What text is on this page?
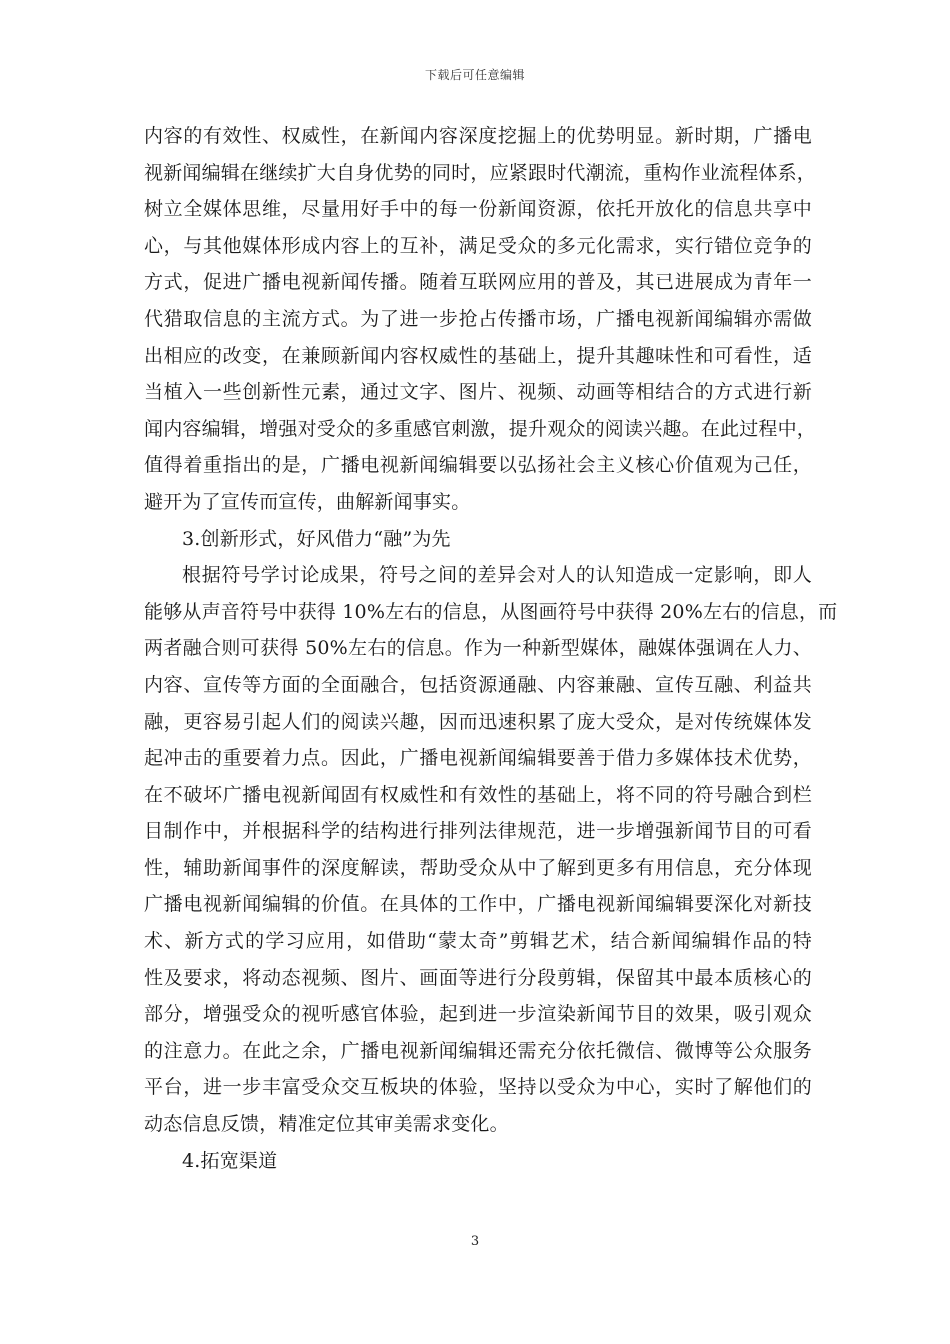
下载后可任意编辑
内容的有效性、权威性，在新闻内容深度挖掘上的优势明显。新时期，广播电
视新闻编辑在继续扩大自身优势的同时，应紧跟时代潮流，重构作业流程体系，
树立全媒体思维，尽量用好手中的每一份新闻资源，依托开放化的信息共享中
心，与其他媒体形成内容上的互补，满足受众的多元化需求，实行错位竞争的
方式，促进广播电视新闻传播。随着互联网应用的普及，其已进展成为青年一
代猎取信息的主流方式。为了进一步抢占传播市场，广播电视新闻编辑亦需做
出相应的改变，在兼顾新闻内容权威性的基础上，提升其趣味性和可看性，适
当植入一些创新性元素，通过文字、图片、视频、动画等相结合的方式进行新
闻内容编辑，增强对受众的多重感官刺激，提升观众的阅读兴趣。在此过程中，
值得着重指出的是，广播电视新闻编辑要以弘扬社会主义核心价值观为己任，
避开为了宣传而宣传，曲解新闻事实。
3.创新形式，好风借力“融”为先
根据符号学讨论成果，符号之间的差异会对人的认知造成一定影响，即人
能够从声音符号中获得 10%左右的信息，从图画符号中获得 20%左右的信息，而
两者融合则可获得 50%左右的信息。作为一种新型媒体，融媒体强调在人力、
内容、宣传等方面的全面融合，包括资源通融、内容兼融、宣传互融、利益共
融，更容易引起人们的阅读兴趣，因而迅速积累了庞大受众，是对传统媒体发
起冲击的重要着力点。因此，广播电视新闻编辑要善于借力多媒体技术优势，
在不破坏广播电视新闻固有权威性和有效性的基础上，将不同的符号融合到栏
目制作中，并根据科学的结构进行排列法律规范，进一步增强新闻节目的可看
性，辅助新闻事件的深度解读，帮助受众从中了解到更多有用信息，充分体现
广播电视新闻编辑的价值。在具体的工作中，广播电视新闻编辑要深化对新技
术、新方式的学习应用，如借助“蒙太奇”剪辑艺术，结合新闻编辑作品的特
性及要求，将动态视频、图片、画面等进行分段剪辑，保留其中最本质核心的
部分，增强受众的视听感官体验，起到进一步渲染新闻节目的效果，吸引观众
的注意力。在此之余，广播电视新闻编辑还需充分依托微信、微博等公众服务
平台，进一步丰富受众交互板块的体验，坚持以受众为中心，实时了解他们的
动态信息反馈，精准定位其审美需求变化。
4.拓宽渠道
3
